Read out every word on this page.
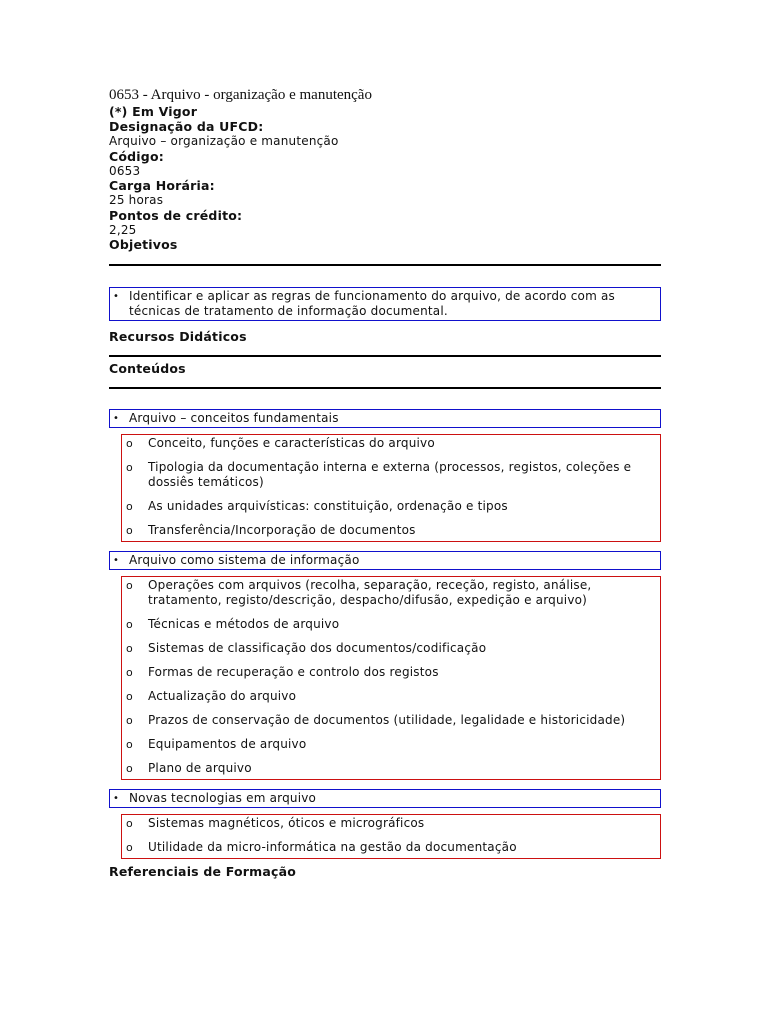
0653 - Arquivo - organização e manutenção

(*) Em Vigor
Designação da UFCD:
Arquivo – organização e manutenção
Código:
0653
Carga Horária:
25 horas
Pontos de crédito:
2,25
Objetivos
• Identificar e aplicar as regras de funcionamento do arquivo, de acordo com as técnicas de tratamento de informação documental.
Recursos Didáticos
Conteúdos
• Arquivo – conceitos fundamentais
o Conceito, funções e características do arquivo
o Tipologia da documentação interna e externa (processos, registos, coleções e dossiês temáticos)
o As unidades arquivísticas: constituição, ordenação e tipos
o Transferência/Incorporação de documentos
• Arquivo como sistema de informação
o Operações com arquivos (recolha, separação, receção, registo, análise, tratamento, registo/descrição, despacho/difusão, expedição e arquivo)
o Técnicas e métodos de arquivo
o Sistemas de classificação dos documentos/codificação
o Formas de recuperação e controlo dos registos
o Actualização do arquivo
o Prazos de conservação de documentos (utilidade, legalidade e historicidade)
o Equipamentos de arquivo
o Plano de arquivo
• Novas tecnologias em arquivo
o Sistemas magnéticos, óticos e micrográficos
o Utilidade da micro-informática na gestão da documentação
Referenciais de Formação
